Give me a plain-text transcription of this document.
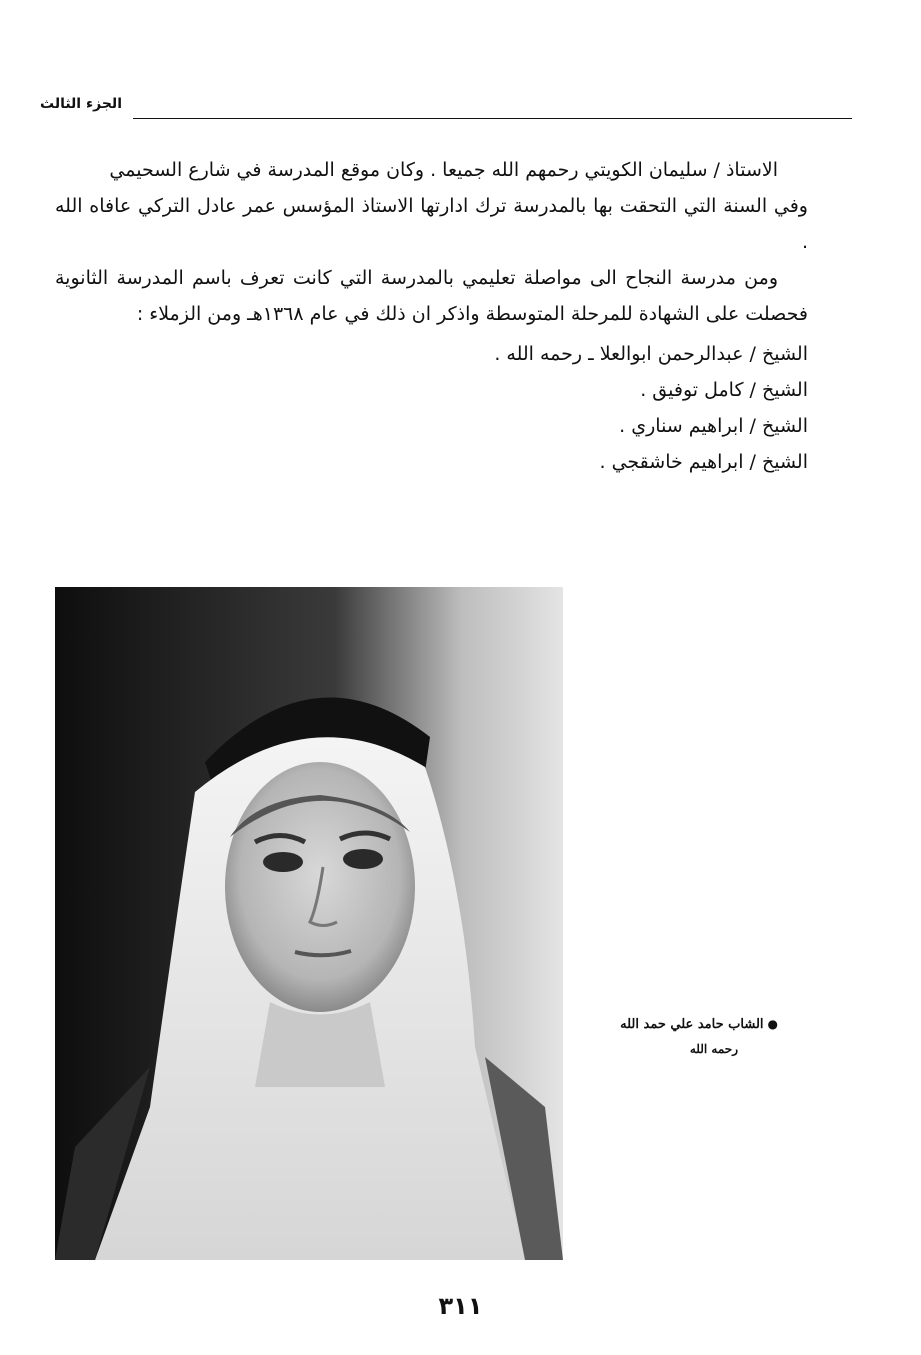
الجزء الثالث

الاستاذ / سليمان الكويتي رحمهم الله جميعا . وكان موقع المدرسة في شارع السحيمي

وفي السنة التي التحقت بها بالمدرسة ترك ادارتها الاستاذ المؤسس عمر عادل التركي عافاه الله .

ومن مدرسة النجاح الى مواصلة تعليمي بالمدرسة التي كانت تعرف باسم المدرسة الثانوية فحصلت على الشهادة للمرحلة المتوسطة واذكر ان ذلك في عام ١٣٦٨هـ ومن الزملاء :

الشيخ / عبدالرحمن ابوالعلا ـ رحمه الله .
الشيخ / كامل توفيق .
الشيخ / ابراهيم سناري .
الشيخ / ابراهيم خاشقجي .
●الشاب حامد علي حمد الله
رحمه الله
٣١١
